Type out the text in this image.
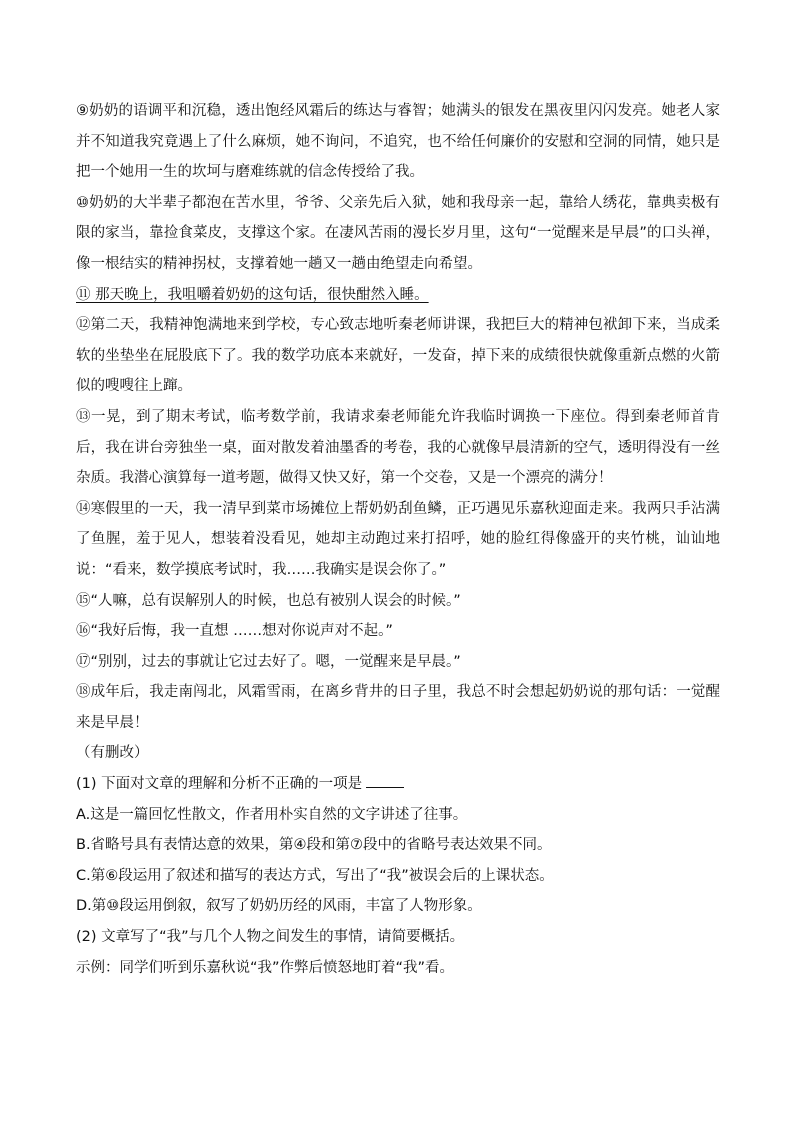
⑨奶奶的语调平和沉稳，透出饱经风霜后的练达与睿智；她满头的银发在黑夜里闪闪发亮。她老人家并不知道我究竟遇上了什么麻烦，她不询问，不追究，也不给任何廉价的安慰和空洞的同情，她只是把一个她用一生的坎坷与磨难练就的信念传授给了我。

⑩奶奶的大半辈子都泡在苦水里，爷爷、父亲先后入狱，她和我母亲一起，靠给人绣花，靠典卖极有限的家当，靠捡食菜皮，支撑这个家。在凄风苦雨的漫长岁月里，这句“一觉醒来是早晨”的口头禅，像一根结实的精神拐杖，支撑着她一趟又一趟由绝望走向希望。

⑪ 那天晚上，我咀嚼着奶奶的这句话，很快酣然入睡。

⑫第二天，我精神饱满地来到学校，专心致志地听秦老师讲课，我把巨大的精神包袱卸下来，当成柔软的坐垫坐在屁股底下了。我的数学功底本来就好，一发奋，掉下来的成绩很快就像重新点燃的火箭似的嗖嗖往上蹿。

⑬一晃，到了期末考试，临考数学前，我请求秦老师能允许我临时调换一下座位。得到秦老师首肯后，我在讲台旁独坐一桌，面对散发着油墨香的考卷，我的心就像早晨清新的空气，透明得没有一丝杂质。我潜心演算每一道考题，做得又快又好，第一个交卷，又是一个漂亮的满分！

⑭寒假里的一天，我一清早到菜市场摊位上帮奶奶刮鱼鳞，正巧遇见乐嘉秋迎面走来。我两只手沾满了鱼腥，羞于见人，想装着没看见，她却主动跑过来打招呼，她的脸红得像盛开的夹竹桃，讪讪地说：“看来，数学摸底考试时，我……我确实是误会你了。”

⑮“人嘛，总有误解别人的时候，也总有被别人误会的时候。”

⑯“我好后悔，我一直想 ……想对你说声对不起。”

⑰“别别，过去的事就让它过去好了。嗯，一觉醒来是早晨。”

⑱成年后，我走南闯北，风霜雪雨，在离乡背井的日子里，我总不时会想起奶奶说的那句话：一觉醒来是早晨！

（有删改）

(1) 下面对文章的理解和分析不正确的一项是

A.这是一篇回忆性散文，作者用朴实自然的文字讲述了往事。

B.省略号具有表情达意的效果，第④段和第⑦段中的省略号表达效果不同。

C.第⑥段运用了叙述和描写的表达方式，写出了“我”被误会后的上课状态。

D.第⑩段运用倒叙，叙写了奶奶历经的风雨，丰富了人物形象。

(2) 文章写了“我”与几个人物之间发生的事情，请简要概括。

示例：同学们听到乐嘉秋说“我”作弊后愤怒地盯着“我”看。
